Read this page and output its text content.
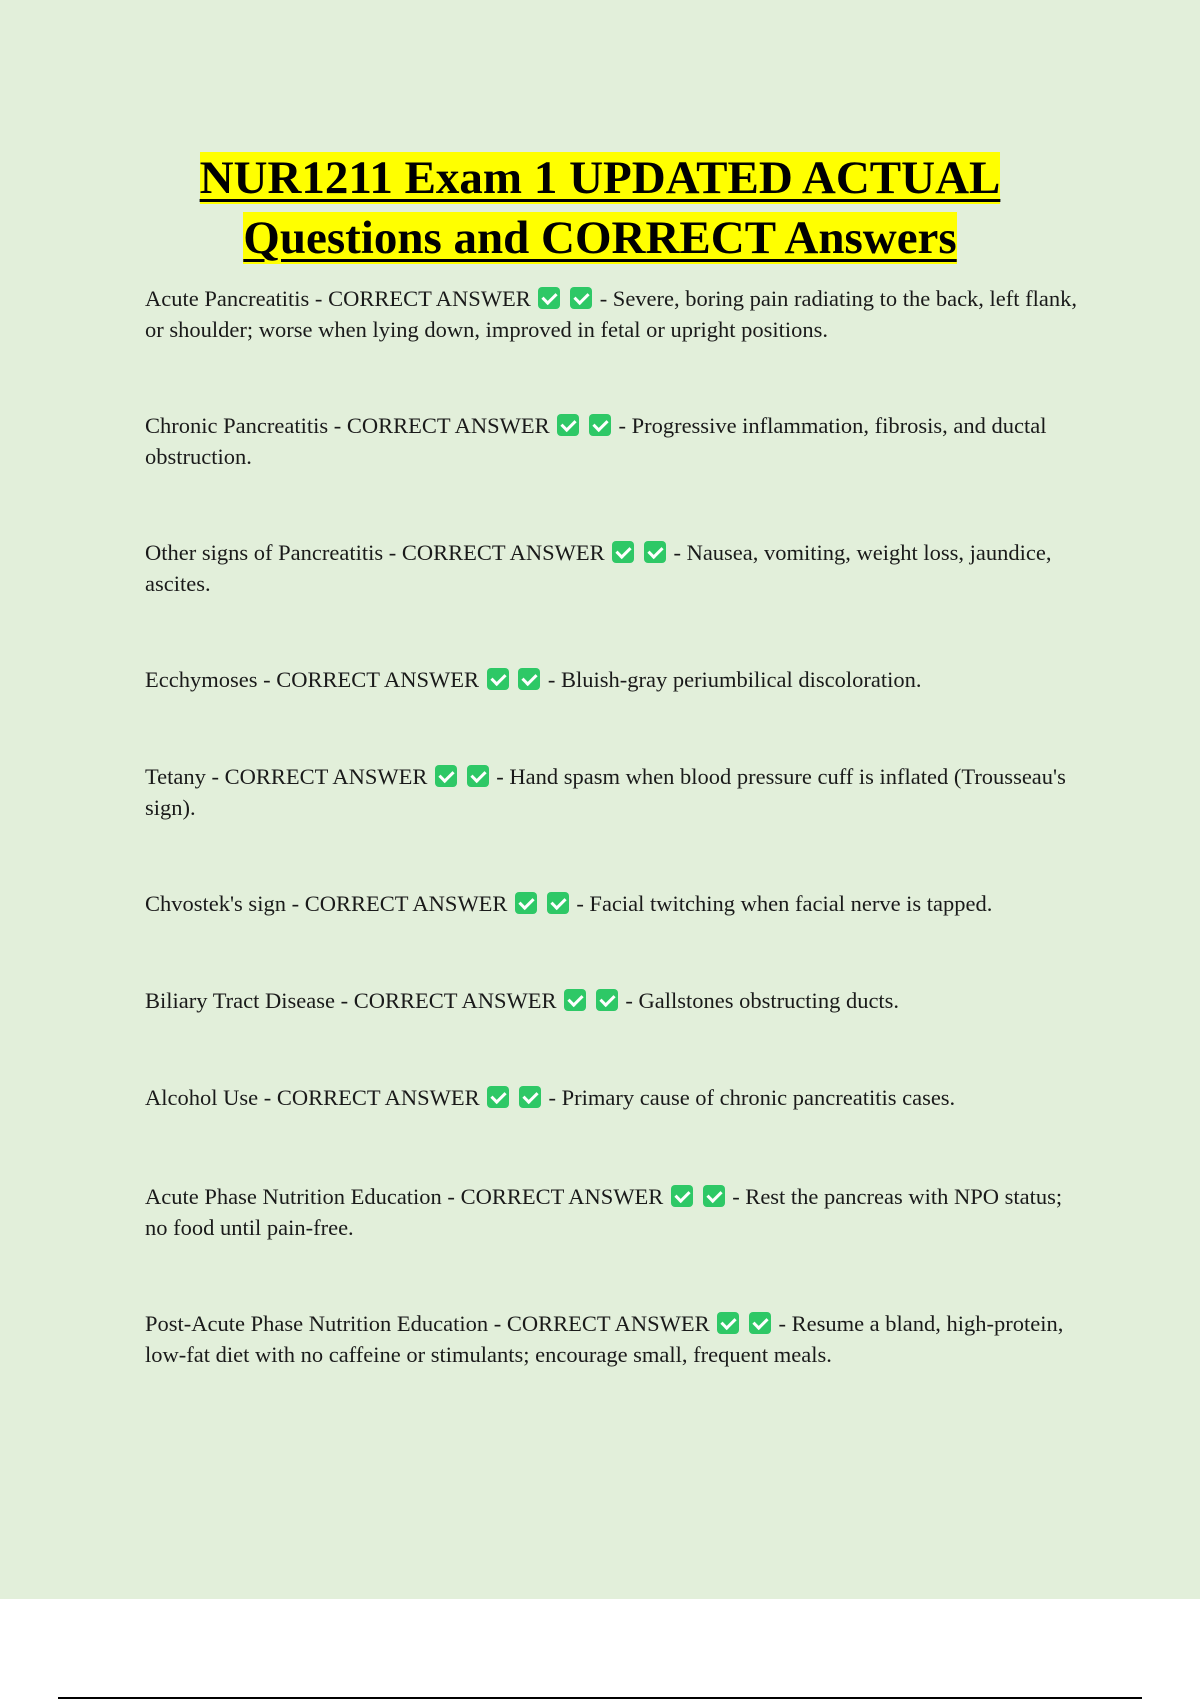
NUR1211 Exam 1 UPDATED ACTUAL
Questions and CORRECT Answers

Acute Pancreatitis - CORRECT ANSWER	- Severe, boring pain radiating to the back, left flank, or shoulder; worse when lying down, improved in fetal or upright positions.

Chronic Pancreatitis - CORRECT ANSWER	- Progressive inflammation, fibrosis, and ductal obstruction.

Other signs of Pancreatitis - CORRECT ANSWER	- Nausea, vomiting, weight loss, jaundice, ascites.

Ecchymoses - CORRECT ANSWER	- Bluish-gray periumbilical discoloration.

Tetany - CORRECT ANSWER	- Hand spasm when blood pressure cuff is inflated (Trousseau's sign).

Chvostek's sign - CORRECT ANSWER	- Facial twitching when facial nerve is tapped.

Biliary Tract Disease - CORRECT ANSWER	- Gallstones obstructing ducts.

Alcohol Use - CORRECT ANSWER	- Primary cause of chronic pancreatitis cases.

Acute Phase Nutrition Education - CORRECT ANSWER	- Rest the pancreas with NPO status; no food until pain-free.

Post-Acute Phase Nutrition Education - CORRECT ANSWER	- Resume a bland, high-protein, low-fat diet with no caffeine or stimulants; encourage small, frequent meals.
